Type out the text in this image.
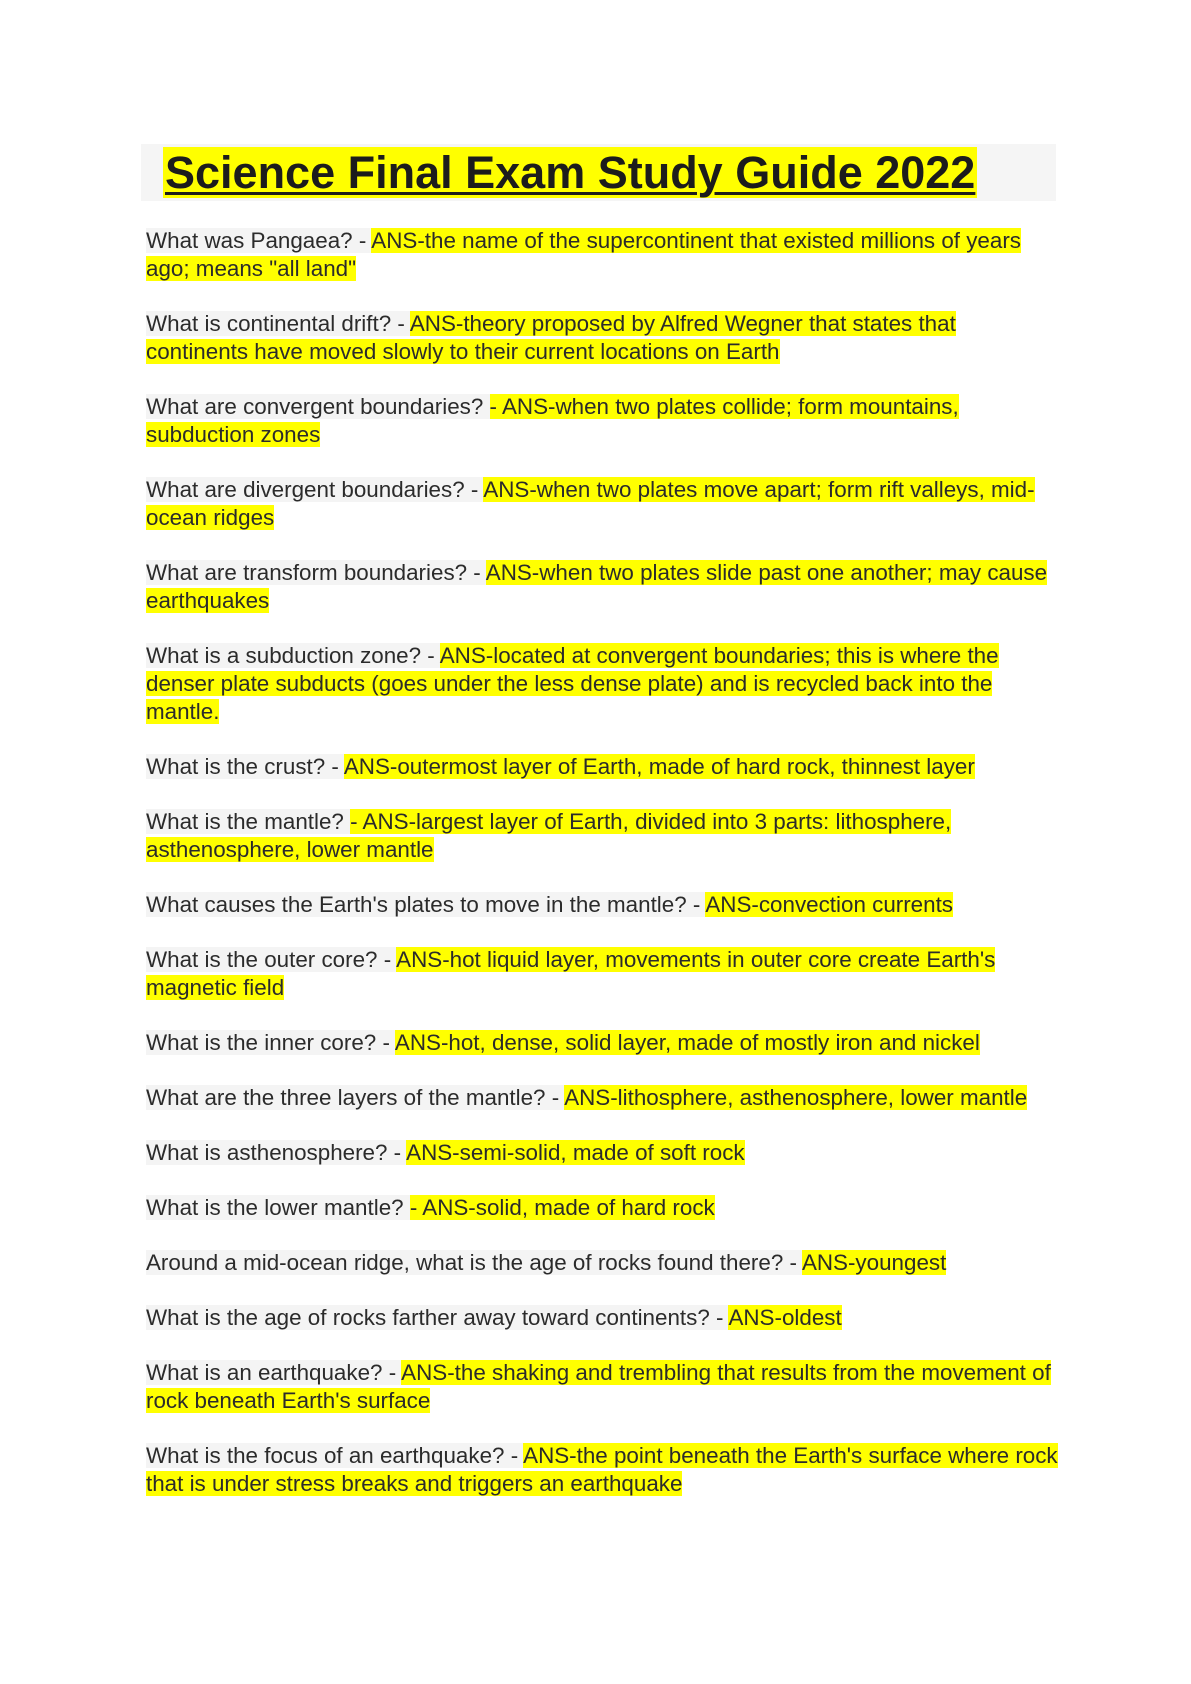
Science Final Exam Study Guide 2022
What was Pangaea? - ANS-the name of the supercontinent that existed millions of years ago; means "all land"
What is continental drift? - ANS-theory proposed by Alfred Wegner that states that continents have moved slowly to their current locations on Earth
What are convergent boundaries? - ANS-when two plates collide; form mountains, subduction zones
What are divergent boundaries? - ANS-when two plates move apart; form rift valleys, mid-ocean ridges
What are transform boundaries? - ANS-when two plates slide past one another; may cause earthquakes
What is a subduction zone? - ANS-located at convergent boundaries; this is where the denser plate subducts (goes under the less dense plate) and is recycled back into the mantle.
What is the crust? - ANS-outermost layer of Earth, made of hard rock, thinnest layer
What is the mantle? - ANS-largest layer of Earth, divided into 3 parts: lithosphere, asthenosphere, lower mantle
What causes the Earth's plates to move in the mantle? - ANS-convection currents
What is the outer core? - ANS-hot liquid layer, movements in outer core create Earth's magnetic field
What is the inner core? - ANS-hot, dense, solid layer, made of mostly iron and nickel
What are the three layers of the mantle? - ANS-lithosphere, asthenosphere, lower mantle
What is asthenosphere? - ANS-semi-solid, made of soft rock
What is the lower mantle? - ANS-solid, made of hard rock
Around a mid-ocean ridge, what is the age of rocks found there? - ANS-youngest
What is the age of rocks farther away toward continents? - ANS-oldest
What is an earthquake? - ANS-the shaking and trembling that results from the movement of rock beneath Earth's surface
What is the focus of an earthquake? - ANS-the point beneath the Earth's surface where rock that is under stress breaks and triggers an earthquake
